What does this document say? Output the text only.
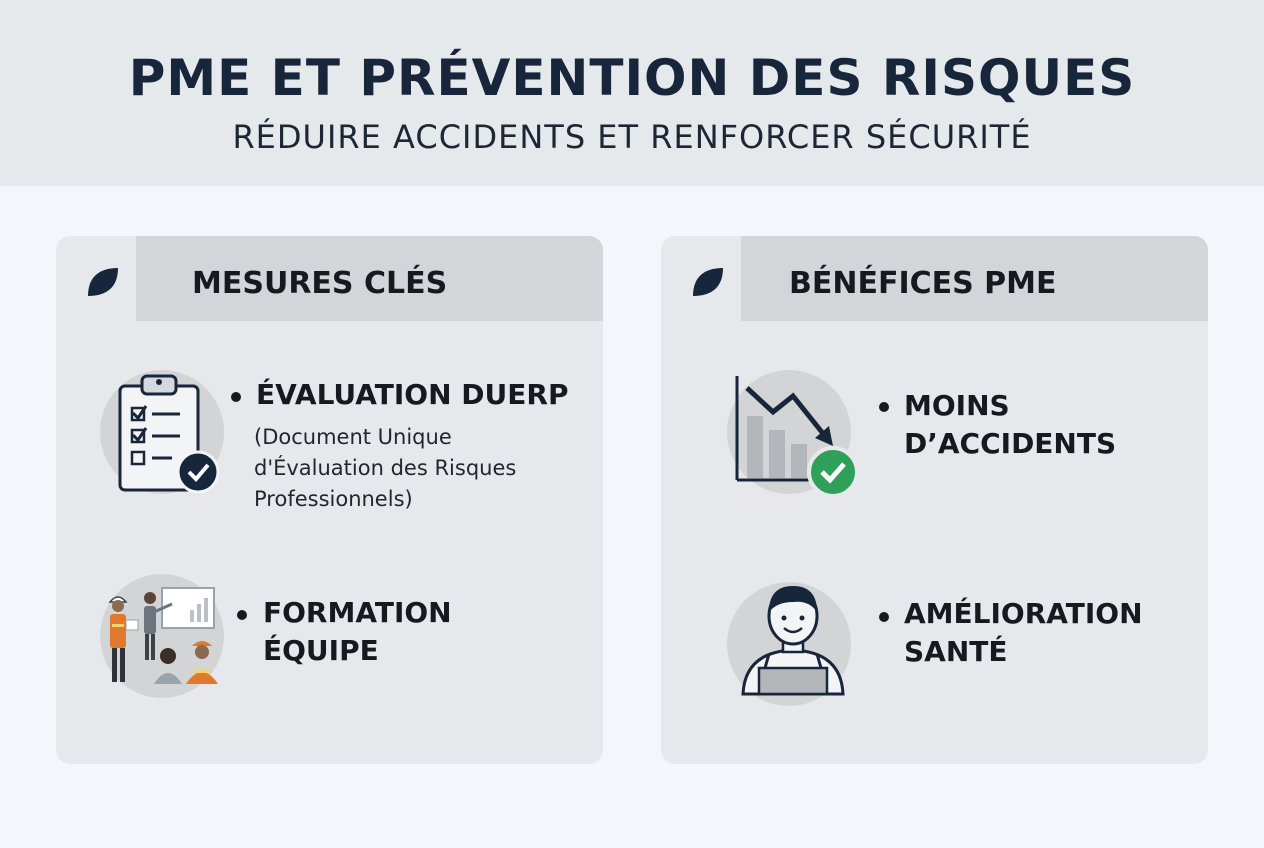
PME ET PRÉVENTION DES RISQUES
RÉDUIRE ACCIDENTS ET RENFORCER SÉCURITÉ
MESURES CLÉS
ÉVALUATION DUERP
(Document Unique
d'Évaluation des Risques
Professionnels)
FORMATION
ÉQUIPE
BÉNÉFICES PME
MOINS
D’ACCIDENTS
AMÉLIORATION
SANTÉ
